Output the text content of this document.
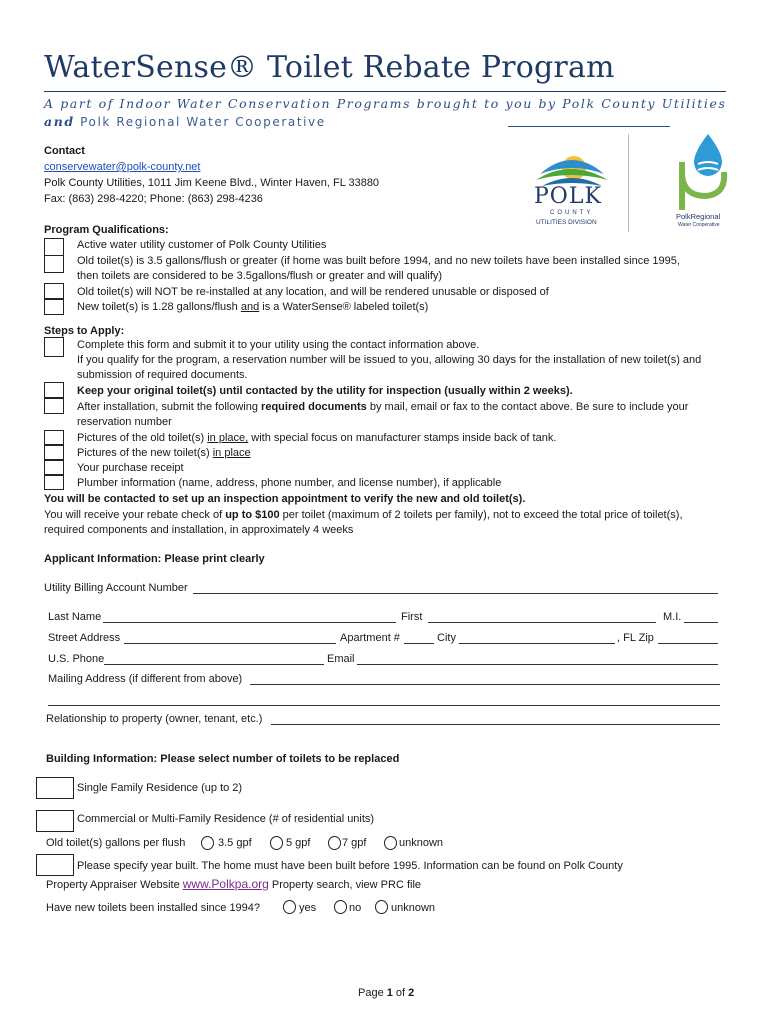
WaterSense® Toilet Rebate Program
A part of Indoor Water Conservation Programs brought to you by Polk County Utilities
and Polk Regional Water Cooperative
Contact
conservewater@polk-county.net
Polk County Utilities, 1011 Jim Keene Blvd., Winter Haven, FL 33880
Fax: (863) 298-4220; Phone: (863) 298-4236	POLK
COUNTY
UTILITIES DIVISION
PolkRegional
Water Cooperative
Program Qualifications:
Active water utility customer of Polk County Utilities
Old toilet(s) is 3.5 gallons/flush or greater (if home was built before 1994, and no new toilets have been installed since 1995,
then toilets are considered to be 3.5gallons/flush or greater and will qualify)
Old toilet(s) will NOT be re-installed at any location, and will be rendered unusable or disposed of
New toilet(s) is 1.28 gallons/flush and is a WaterSense® labeled toilet(s)
Steps to Apply:
Complete this form and submit it to your utility using the contact information above.
If you qualify for the program, a reservation number will be issued to you, allowing 30 days for the installation of new toilet(s) and
submission of required documents.
Keep your original toilet(s) until contacted by the utility for inspection (usually within 2 weeks).
After installation, submit the following required documents by mail, email or fax to the contact above. Be sure to include your
reservation number
Pictures of the old toilet(s) in place, with special focus on manufacturer stamps inside back of tank.
Pictures of the new toilet(s) in place
Your purchase receipt
Plumber information (name, address, phone number, and license number), if applicable
You will be contacted to set up an inspection appointment to verify the new and old toilet(s).
You will receive your rebate check of up to $100 per toilet (maximum of 2 toilets per family), not to exceed the total price of toilet(s),
required components and installation, in approximately 4 weeks
Applicant Information: Please print clearly
Utility Billing Account Number
Last Name	First	M.I.
Street Address	Apartment #	City	, FL Zip
U.S. Phone	Email
Mailing Address (if different from above)
Relationship to property (owner, tenant, etc.)
Building Information: Please select number of toilets to be replaced
Single Family Residence (up to 2)
Commercial or Multi-Family Residence (# of residential units)
Old toilet(s) gallons per flush	3.5 gpf	5 gpf	7 gpf	unknown
Please specify year built. The home must have been built before 1995. Information can be found on Polk County
Property Appraiser Website www.Polkpa.org Property search, view PRC file
Have new toilets been installed since 1994?	yes	no	unknown
Page 1 of 2
